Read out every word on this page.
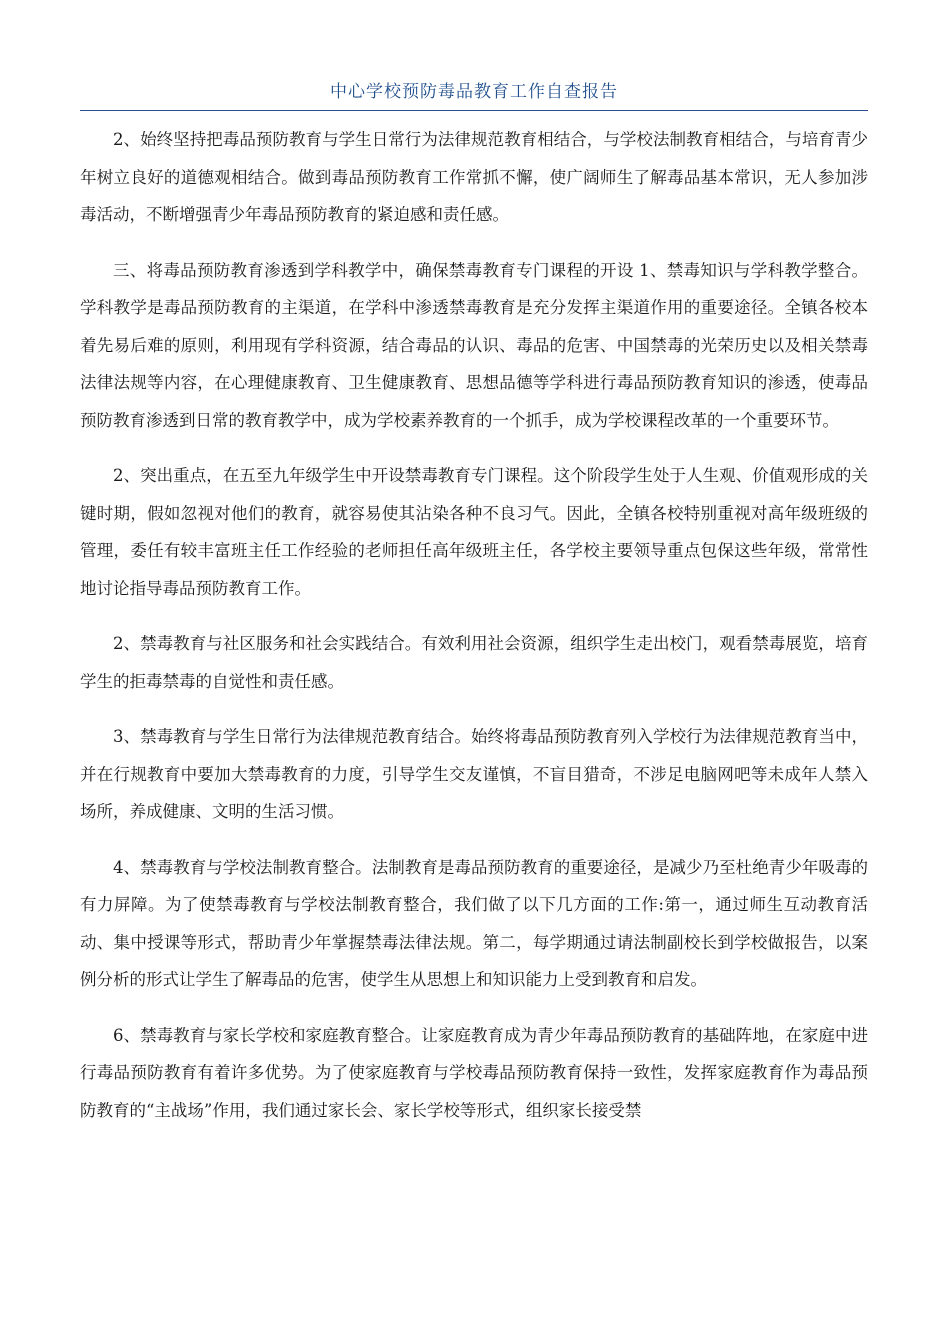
中心学校预防毒品教育工作自查报告

2、始终坚持把毒品预防教育与学生日常行为法律规范教育相结合，与学校法制教育相结合，与培育青少年树立良好的道德观相结合。做到毒品预防教育工作常抓不懈，使广阔师生了解毒品基本常识，无人参加涉毒活动，不断增强青少年毒品预防教育的紧迫感和责任感。

三、将毒品预防教育渗透到学科教学中，确保禁毒教育专门课程的开设 1、禁毒知识与学科教学整合。学科教学是毒品预防教育的主渠道，在学科中渗透禁毒教育是充分发挥主渠道作用的重要途径。全镇各校本着先易后难的原则，利用现有学科资源，结合毒品的认识、毒品的危害、中国禁毒的光荣历史以及相关禁毒法律法规等内容，在心理健康教育、卫生健康教育、思想品德等学科进行毒品预防教育知识的渗透，使毒品预防教育渗透到日常的教育教学中，成为学校素养教育的一个抓手，成为学校课程改革的一个重要环节。

2、突出重点，在五至九年级学生中开设禁毒教育专门课程。这个阶段学生处于人生观、价值观形成的关键时期，假如忽视对他们的教育，就容易使其沾染各种不良习气。因此，全镇各校特别重视对高年级班级的管理，委任有较丰富班主任工作经验的老师担任高年级班主任，各学校主要领导重点包保这些年级，常常性地讨论指导毒品预防教育工作。

2、禁毒教育与社区服务和社会实践结合。有效利用社会资源，组织学生走出校门，观看禁毒展览，培育学生的拒毒禁毒的自觉性和责任感。

3、禁毒教育与学生日常行为法律规范教育结合。始终将毒品预防教育列入学校行为法律规范教育当中，并在行规教育中要加大禁毒教育的力度，引导学生交友谨慎，不盲目猎奇，不涉足电脑网吧等未成年人禁入场所，养成健康、文明的生活习惯。

4、禁毒教育与学校法制教育整合。法制教育是毒品预防教育的重要途径，是减少乃至杜绝青少年吸毒的有力屏障。为了使禁毒教育与学校法制教育整合，我们做了以下几方面的工作:第一，通过师生互动教育活动、集中授课等形式，帮助青少年掌握禁毒法律法规。第二，每学期通过请法制副校长到学校做报告，以案例分析的形式让学生了解毒品的危害，使学生从思想上和知识能力上受到教育和启发。

6、禁毒教育与家长学校和家庭教育整合。让家庭教育成为青少年毒品预防教育的基础阵地，在家庭中进行毒品预防教育有着许多优势。为了使家庭教育与学校毒品预防教育保持一致性，发挥家庭教育作为毒品预防教育的“主战场”作用，我们通过家长会、家长学校等形式，组织家长接受禁
